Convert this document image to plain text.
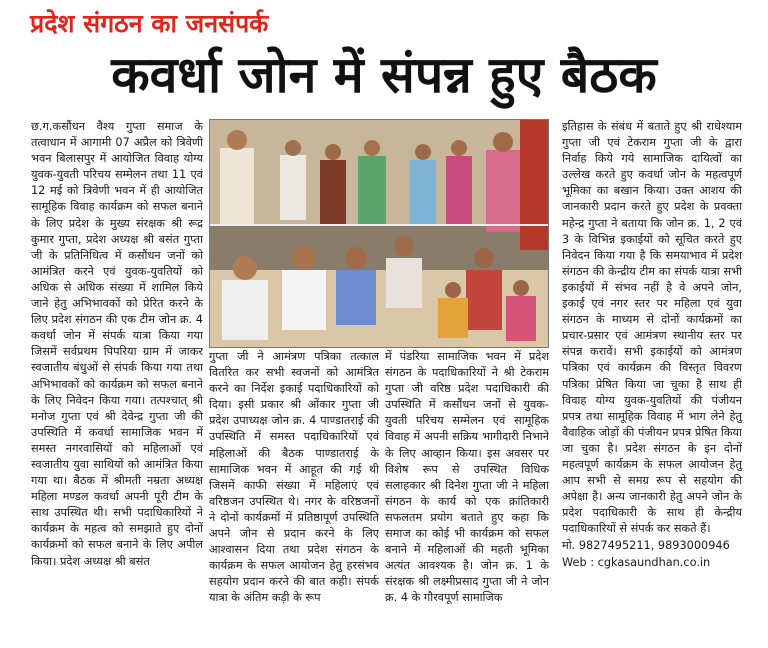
प्रदेश संगठन का जनसंपर्क
कवर्धा जोन में संपन्न हुए बैठक

छ.ग.कसौंधन वैश्य गुप्ता समाज के तत्वाधान में आगामी 07 अप्रैल को त्रिवेणी भवन बिलासपुर में आयोजित विवाह योग्य युवक-युवती परिचय सम्मेलन तथा 11 एवं 12 मई को त्रिवेणी भवन में ही आयोजित सामूहिक विवाह कार्यक्रम को सफल बनाने के लिए प्रदेश के मुख्य संरक्षक श्री रूद्र कुमार गुप्ता, प्रदेश अध्यक्ष श्री बसंत गुप्ता जी के प्रतिनिधित्व में कसौंधन जनों को आमंत्रित करने एवं युवक-युवतियों को अधिक से अधिक संख्या में शामिल किये जाने हेतु अभिभावकों को प्रेरित करने के लिए प्रदेश संगठन की एक टीम जोन क्र. 4 कवर्धा जोन में संपर्क यात्रा किया गया जिसमें सर्वप्रथम पिपरिया ग्राम में जाकर स्वजातीय बंधुओं से संपर्क किया गया तथा अभिभावकों को कार्यक्रम को सफल बनाने के लिए निवेदन किया गया। तत्पश्चात् श्री मनोज गुप्ता एवं श्री देवेन्द्र गुप्ता जी की उपस्थिति में कवर्धा सामाजिक भवन में समस्त नगरवासियों को महिलाओं एवं स्वजातीय युवा साथियों को आमंत्रित किया गया था। बैठक में श्रीमती नम्रता अध्यक्ष महिला मण्डल कवर्धा अपनी पूरी टीम के साथ उपस्थित थी। सभी पदाधिकारियों ने कार्यक्रम के महत्व को समझाते हुए दोनों कार्यक्रमों को सफल बनाने के लिए अपील किया। प्रदेश अध्यक्ष श्री बसंत

गुप्ता जी ने आमंत्रण पत्रिका तत्काल वितरित कर सभी स्वजनों को आमंत्रित करने का निर्देश इकाई पदाधिकारियों को दिया। इसी प्रकार श्री ओंकार गुप्ता जी प्रदेश उपाध्यक्ष जोन क्र. 4 पाण्डातराई की उपस्थिति में समस्त पदाधिकारियों एवं महिलाओं की बैठक पाण्डातराई के सामाजिक भवन में आहूत की गई थी जिसमें काफी संख्या में महिलाएं एवं वरिष्ठजन उपस्थित थे। नगर के वरिष्ठजनों ने दोनों कार्यक्रमों में प्रतिष्ठापूर्ण उपस्थिति अपने जोन से प्रदान करने के लिए आश्वासन दिया तथा प्रदेश संगठन के कार्यक्रम के सफल आयोजन हेतु हरसंभव सहयोग प्रदान करने की बात कही। संपर्क यात्रा के अंतिम कड़ी के रूप

में पंडरिया सामाजिक भवन में प्रदेश संगठन के पदाधिकारियों ने श्री टेकराम गुप्ता जी वरिष्ठ प्रदेश पदाधिकारी की उपस्थिति में कसौंधन जनों से युवक-युवती परिचय सम्मेलन एवं सामूहिक विवाह में अपनी सक्रिय भागीदारी निभाने के लिए आव्हान किया। इस अवसर पर विशेष रूप से उपस्थित विधिक सलाहकार श्री दिनेश गुप्ता जी ने महिला संगठन के कार्य को एक क्रांतिकारी सफलतम प्रयोग बताते हुए कहा कि समाज का कोई भी कार्यक्रम को सफल बनाने में महिलाओं की महती भूमिका अत्यंत आवश्यक है। जोन क्र. 1 के संरक्षक श्री लक्ष्मीप्रसाद गुप्ता जी ने जोन क्र. 4 के गौरवपूर्ण सामाजिक

इतिहास के संबंध में बताते हुए श्री राधेश्याम गुप्ता जी एवं टेकराम गुप्ता जी के द्वारा निर्वाह किये गये सामाजिक दायित्वों का उल्लेख करते हुए कवर्धा जोन के महत्वपूर्ण भूमिका का बखान किया। उक्त आशय की जानकारी प्रदान करते हुए प्रदेश के प्रवक्ता महेन्द्र गुप्ता ने बताया कि जोन क्र. 1, 2 एवं 3 के विभिन्न इकाईयों को सूचित करते हुए निवेदन किया गया है कि समयाभाव में प्रदेश संगठन की केन्द्रीय टीम का संपर्क यात्रा सभी इकाईयों में संभव नहीं है वे अपने जोन, इकाई एवं नगर स्तर पर महिला एवं युवा संगठन के माध्यम से दोनों कार्यक्रमों का प्रचार-प्रसार एवं आमंत्रण स्थानीय स्तर पर संपन्न करावें। सभी इकाईयों को आमंत्रण पत्रिका एवं कार्यक्रम की विस्तृत विवरण पत्रिका प्रेषित किया जा चुका है साथ ही विवाह योग्य युवक-युवतियों की पंजीयन प्रपत्र तथा सामूहिक विवाह में भाग लेने हेतु वैवाहिक जोड़ों की पंजीयन प्रपत्र प्रेषित किया जा चुका है। प्रदेश संगठन के इन दोनों महत्वपूर्ण कार्यक्रम के सफल आयोजन हेतु आप सभी से समग्र रूप से सहयोग की अपेक्षा है। अन्य जानकारी हेतु अपने जोन के प्रदेश पदाधिकारी के साथ ही केन्द्रीय पदाधिकारियों से संपर्क कर सकते हैं।

मो. 9827495211, 9893000946
Web : cgkasaundhan.co.in
